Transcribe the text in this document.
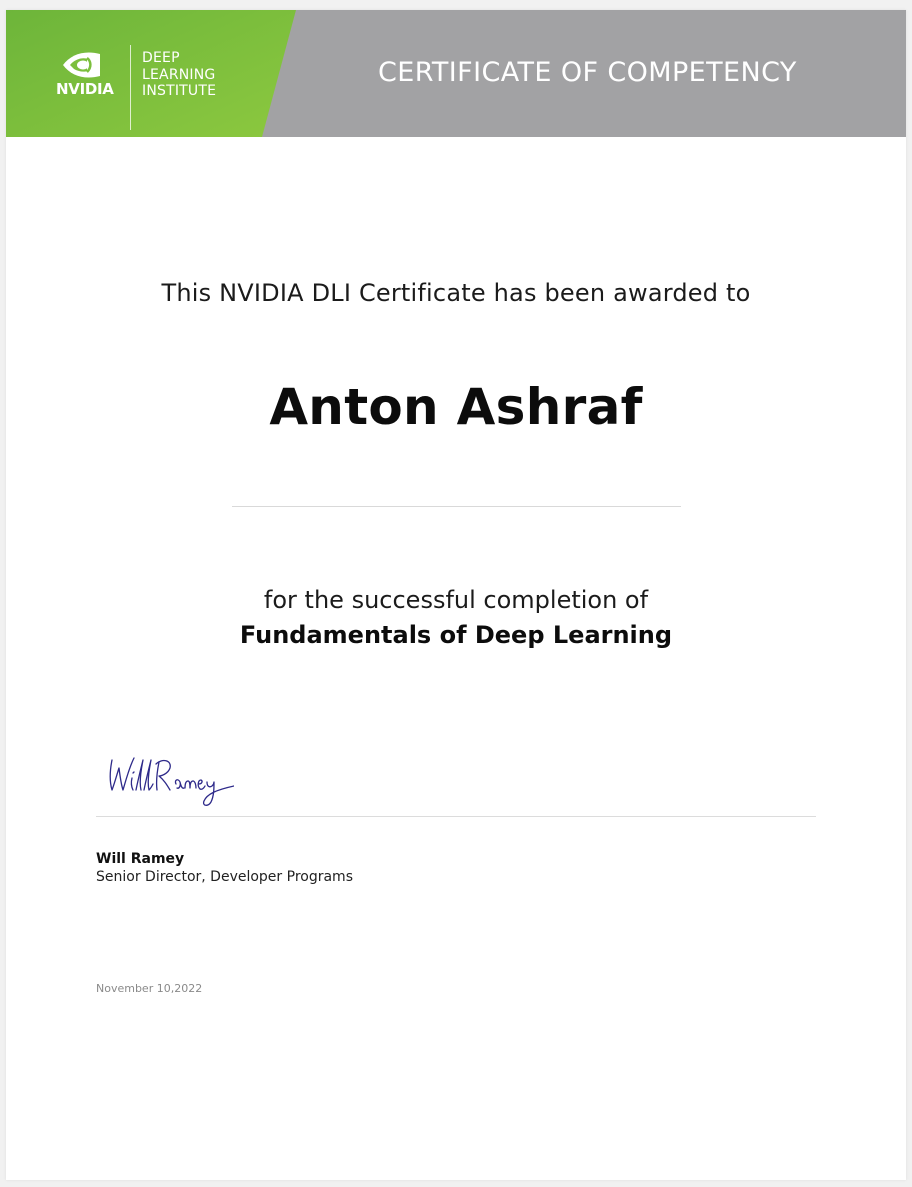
NVIDIA

DEEP
LEARNING
INSTITUTE
CERTIFICATE OF COMPETENCY

This NVIDIA DLI Certificate has been awarded to

Anton Ashraf

for the successful completion of

Fundamentals of Deep Learning

Will Ramey

Senior Director, Developer Programs

November 10,2022
